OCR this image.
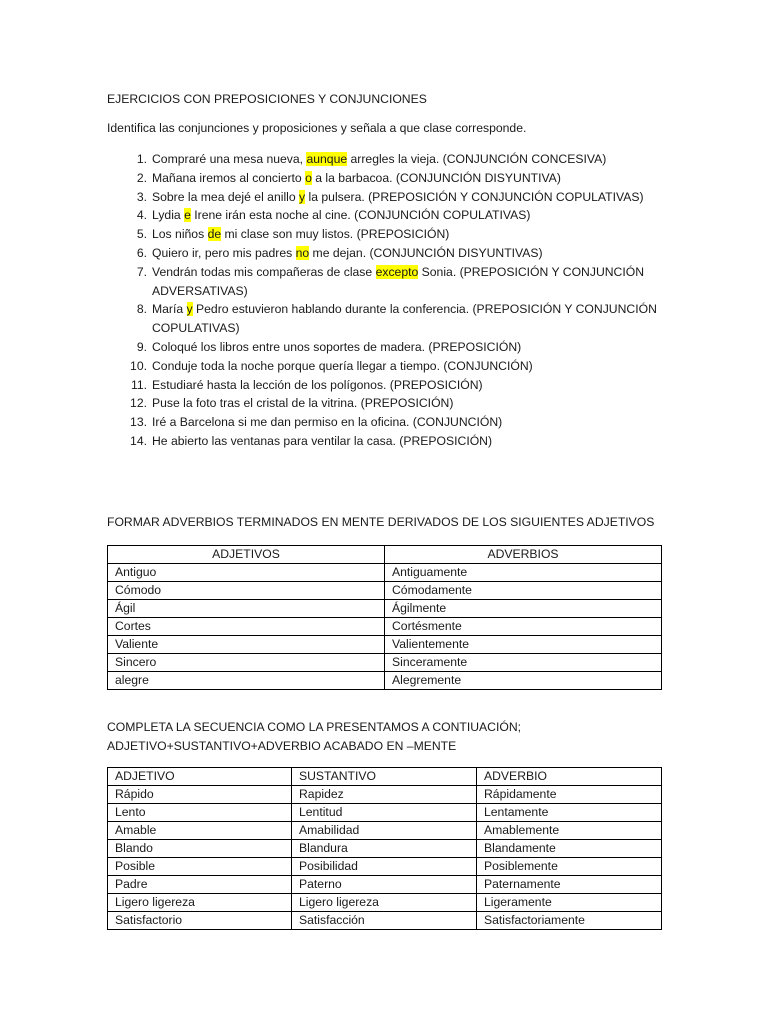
EJERCICIOS CON PREPOSICIONES Y CONJUNCIONES
Identifica las conjunciones y proposiciones y señala a que clase corresponde.
1. Compraré una mesa nueva, aunque arregles la vieja. (CONJUNCIÓN CONCESIVA)
2. Mañana iremos al concierto o a la barbacoa. (CONJUNCIÓN DISYUNTIVA)
3. Sobre la mea dejé el anillo y la pulsera. (PREPOSICIÓN Y CONJUNCIÓN COPULATIVAS)
4. Lydia e Irene irán esta noche al cine. (CONJUNCIÓN COPULATIVAS)
5. Los niños de mi clase son muy listos. (PREPOSICIÓN)
6. Quiero ir, pero mis padres no me dejan. (CONJUNCIÓN DISYUNTIVAS)
7. Vendrán todas mis compañeras de clase excepto Sonia. (PREPOSICIÓN Y CONJUNCIÓN ADVERSATIVAS)
8. María y Pedro estuvieron hablando durante la conferencia. (PREPOSICIÓN Y CONJUNCIÓN COPULATIVAS)
9. Coloqué los libros entre unos soportes de madera. (PREPOSICIÓN)
10. Condujе toda la noche porque quería llegar a tiempo. (CONJUNCIÓN)
11. Estudiaré hasta la lección de los polígonos. (PREPOSICIÓN)
12. Puse la foto tras el cristal de la vitrina. (PREPOSICIÓN)
13. Iré a Barcelona si me dan permiso en la oficina. (CONJUNCIÓN)
14. He abierto las ventanas para ventilar la casa. (PREPOSICIÓN)
FORMAR ADVERBIOS TERMINADOS EN MENTE DERIVADOS DE LOS SIGUIENTES ADJETIVOS
ADJETIVOS	ADVERBIOS
Antiguo	Antiguamente
Cómodo	Cómodamente
Ágil	Ágilmente
Cortes	Cortésmente
Valiente	Valientemente
Sincero	Sinceramente
alegre	Alegremente
COMPLETA LA SECUENCIA COMO LA PRESENTAMOS A CONTIUACIÓN;
ADJETIVO+SUSTANTIVO+ADVERBIO ACABADO EN –MENTE
ADJETIVO	SUSTANTIVO	ADVERBIO
Rápido	Rapidez	Rápidamente
Lento	Lentitud	Lentamente
Amable	Amabilidad	Amablemente
Blando	Blandura	Blandamente
Posible	Posibilidad	Posiblemente
Padre	Paterno	Paternamente
Ligero ligereza	Ligero ligereza	Ligeramente
Satisfactorio	Satisfacción	Satisfactoriamente
